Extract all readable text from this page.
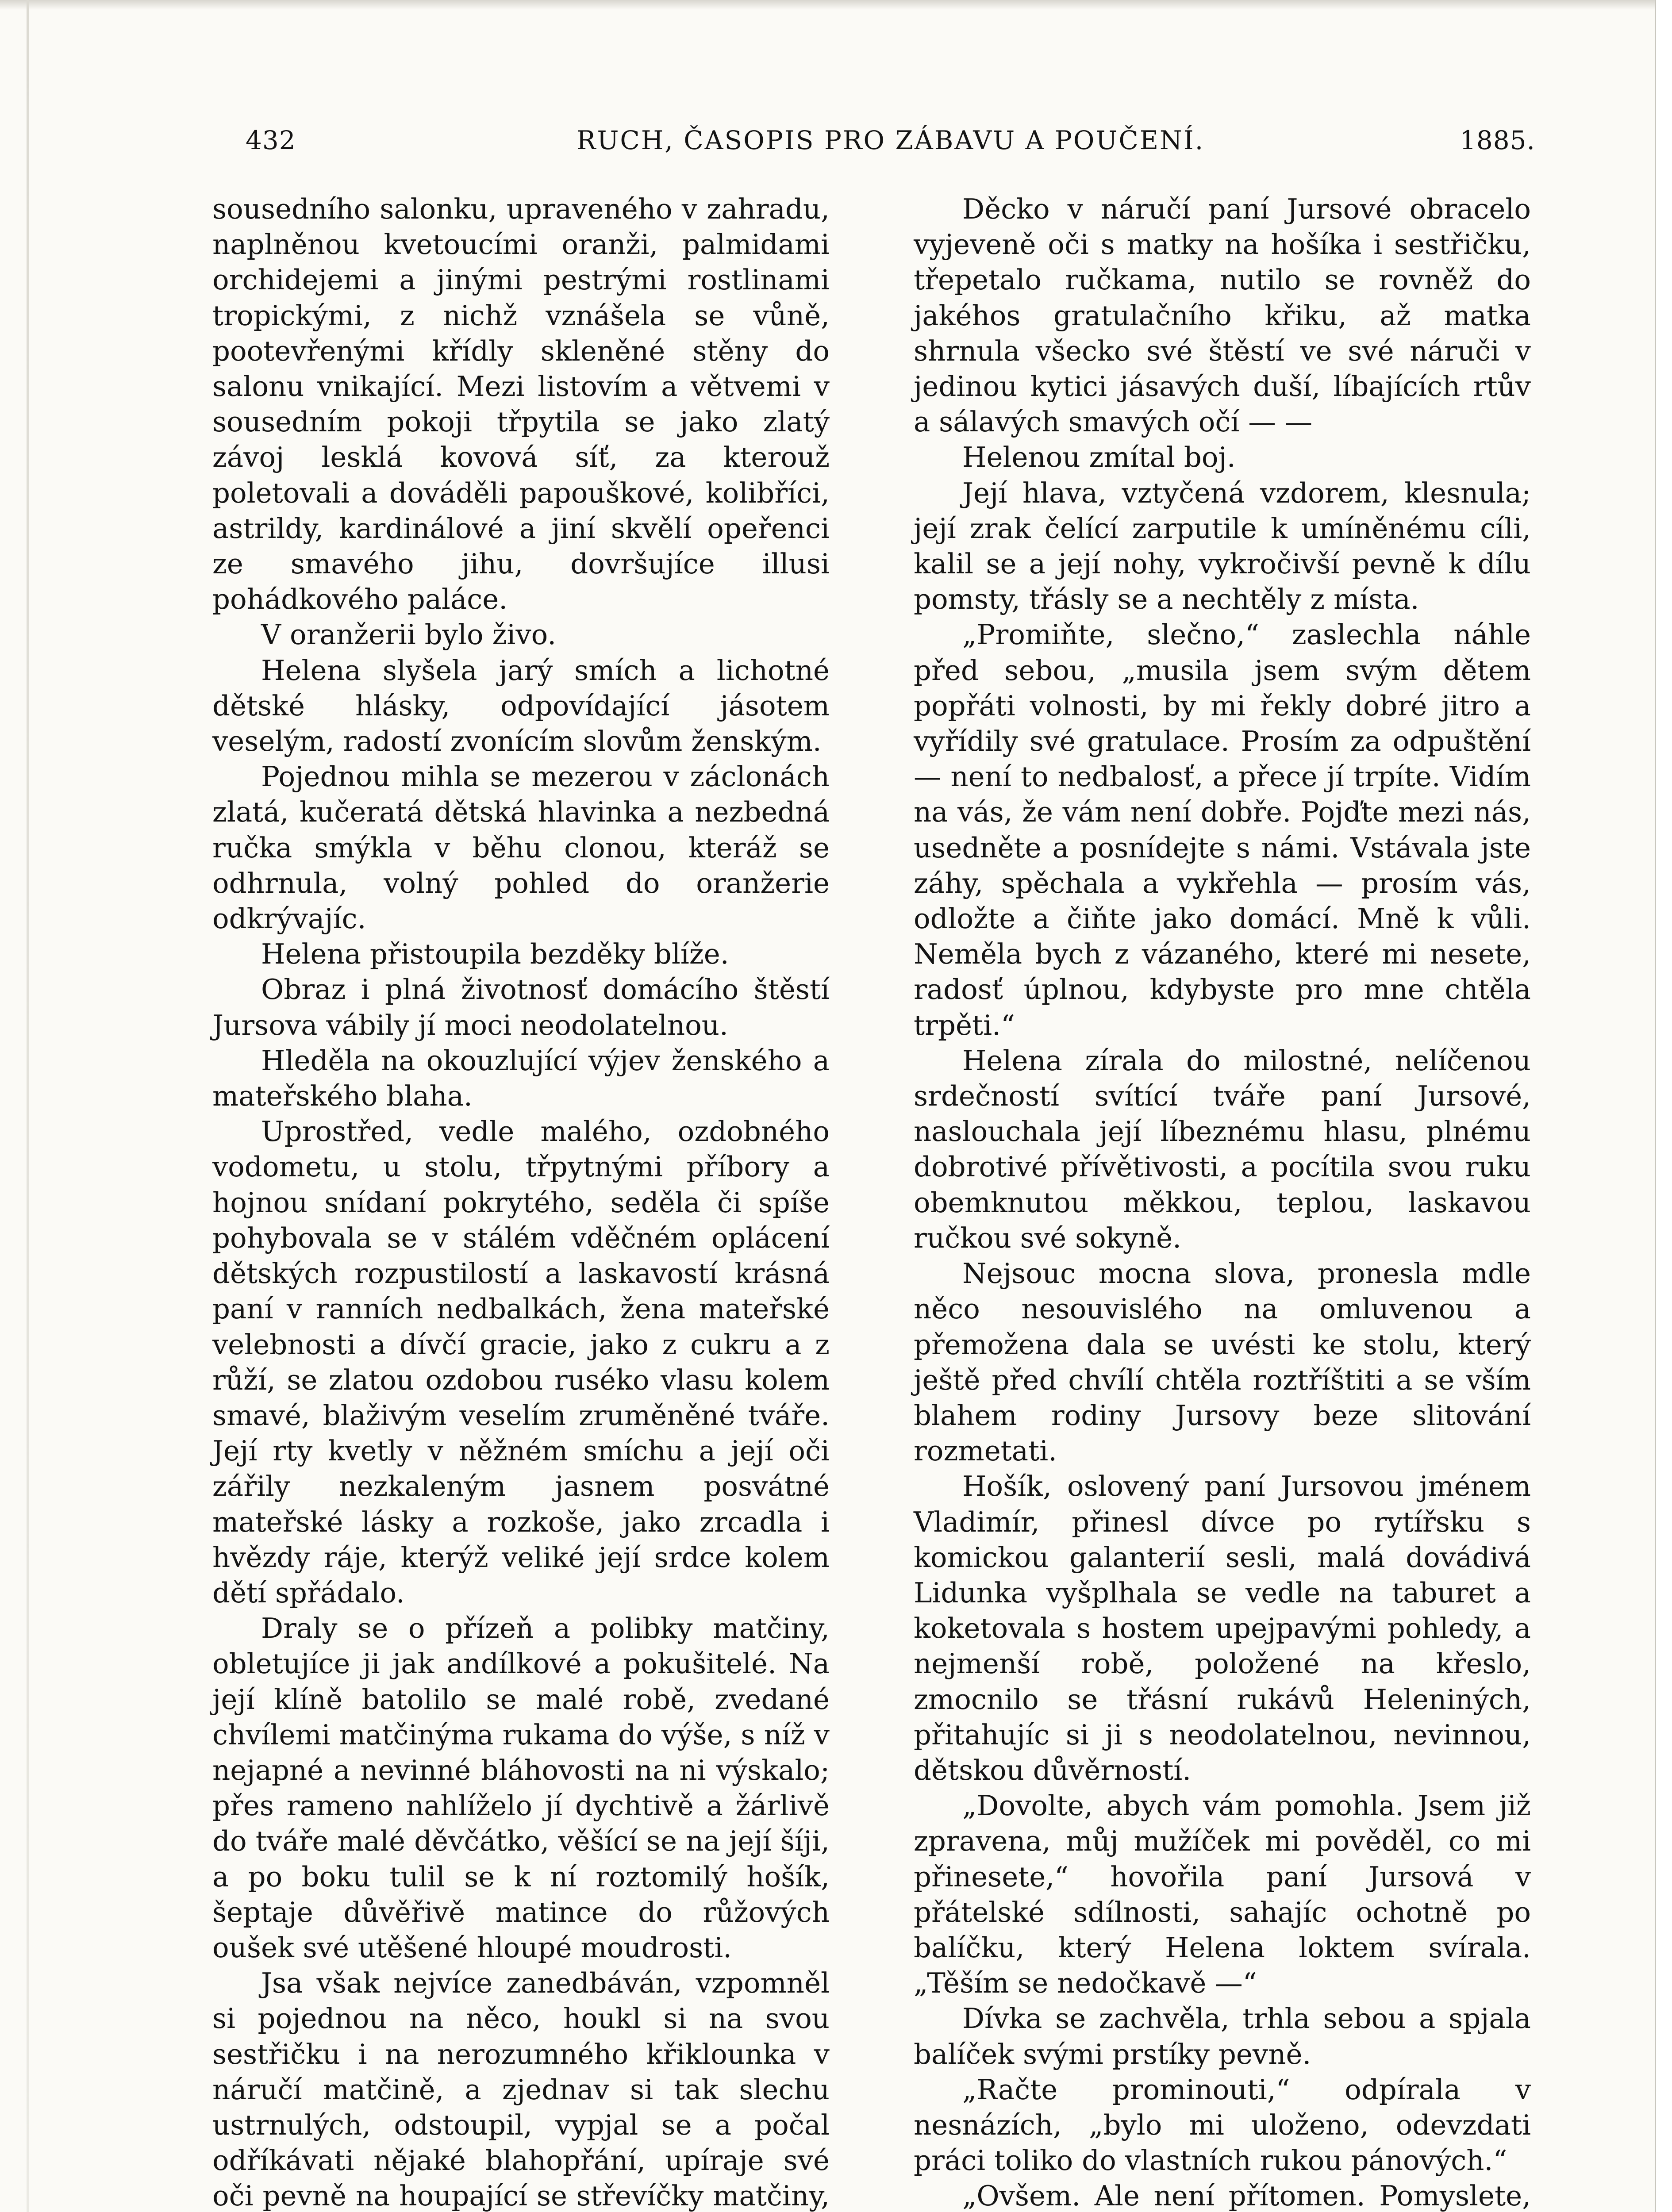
432	RUCH, ČASOPIS PRO ZÁBAVU A POUČENÍ.	1885.

sousedního salonku, upraveného v zahradu, naplněnou kvetoucími oranži, palmidami orchidejemi a jinými pestrými rostlinami tropickými, z nichž vznášela se vůně, pootevřenými křídly skleněné stěny do salonu vnikající. Mezi listovím a větvemi v sousedním pokoji třpytila se jako zlatý závoj lesklá kovová síť, za kterouž poletovali a dováděli papouškové, kolibříci, astrildy, kardinálové a jiní skvělí opeřenci ze smavého jihu, dovršujíce illusi pohádkového paláce.

V oranžerii bylo živo.

Helena slyšela jarý smích a lichotné dětské hlásky, odpovídající jásotem veselým, radostí zvonícím slovům ženským.

Pojednou mihla se mezerou v záclonách zlatá, kučeratá dětská hlavinka a nezbedná ručka smýkla v běhu clonou, kteráž se odhrnula, volný pohled do oranžerie odkrývajíc.

Helena přistoupila bezděky blíže.

Obraz i plná životnosť domácího štěstí Jursova vábily jí moci neodolatelnou.

Hleděla na okouzlující výjev ženského a mateřského blaha.

Uprostřed, vedle malého, ozdobného vodometu, u stolu, třpytnými příbory a hojnou snídaní pokrytého, seděla či spíše pohybovala se v stálém vděčném oplácení dětských rozpustilostí a laskavostí krásná paní v ranních nedbalkách, žena mateřské velebnosti a dívčí gracie, jako z cukru a z růží, se zlatou ozdobou ruséko vlasu kolem smavé, blaživým veselím zruměněné tváře. Její rty kvetly v něžném smíchu a její oči zářily nezkaleným jasnem posvátné mateřské lásky a rozkoše, jako zrcadla i hvězdy ráje, kterýž veliké její srdce kolem dětí spřádalo.

Draly se o přízeň a polibky matčiny, obletujíce ji jak andílkové a pokušitelé. Na její klíně batolilo se malé robě, zvedané chvílemi matčinýma rukama do výše, s níž v nejapné a nevinné bláhovosti na ni výskalo; přes rameno nahlíželo jí dychtivě a žárlivě do tváře malé děvčátko, věšící se na její šíji, a po boku tulil se k ní roztomilý hošík, šeptaje důvěřivě matince do růžových oušek své utěšené hloupé moudrosti.

Jsa však nejvíce zanedbáván, vzpomněl si pojednou na něco, houkl si na svou sestřičku i na nerozumného křiklounka v náručí matčině, a zjednav si tak slechu ustrnulých, odstoupil, vypjal se a počal odříkávati nějaké blahopřání, upíraje své oči pevně na houpající se střevíčky matčiny,

Děcko v náručí paní Jursové obracelo vyjeveně oči s matky na hošíka i sestřičku, třepetalo ručkama, nutilo se rovněž do jakéhos gratulačního křiku, až matka shrnula všecko své štěstí ve své náruči v jedinou kytici jásavých duší, líbajících rtův a sálavých smavých očí — —

Helenou zmítal boj.

Její hlava, vztyčená vzdorem, klesnula; její zrak čelící zarputile k umíněnému cíli, kalil se a její nohy, vykročivší pevně k dílu pomsty, třásly se a nechtěly z místa.

„Promiňte, slečno,“ zaslechla náhle před sebou, „musila jsem svým dětem popřáti volnosti, by mi řekly dobré jitro a vyřídily své gratulace. Prosím za odpuštění — není to nedbalosť, a přece jí trpíte. Vidím na vás, že vám není dobře. Pojďte mezi nás, usedněte a posnídejte s námi. Vstávala jste záhy, spěchala a vykřehla — prosím vás, odložte a čiňte jako domácí. Mně k vůli. Neměla bych z vázaného, které mi nesete, radosť úplnou, kdybyste pro mne chtěla trpěti.“

Helena zírala do milostné, nelíčenou srdečností svítící tváře paní Jursové, naslouchala její líbeznému hlasu, plnému dobrotivé přívětivosti, a pocítila svou ruku obemknutou měkkou, teplou, laskavou ručkou své sokyně.

Nejsouc mocna slova, pronesla mdle něco nesouvislého na omluvenou a přemožena dala se uvésti ke stolu, který ještě před chvílí chtěla roztříštiti a se vším blahem rodiny Jursovy beze slitování rozmetati.

Hošík, oslovený paní Jursovou jménem Vladimír, přinesl dívce po rytířsku s komickou galanterií sesli, malá dovádivá Lidunka vyšplhala se vedle na taburet a koketovala s hostem upejpavými pohledy, a nejmenší robě, položené na křeslo, zmocnilo se třásní rukávů Heleniných, přitahujíc si ji s neodolatelnou, nevinnou, dětskou důvěrností.

„Dovolte, abych vám pomohla. Jsem již zpravena, můj mužíček mi pověděl, co mi přinesete,“ hovořila paní Jursová v přátelské sdílnosti, sahajíc ochotně po balíčku, který Helena loktem svírala. „Těším se nedočkavě —“

Dívka se zachvěla, trhla sebou a spjala balíček svými prstíky pevně.

„Račte prominouti,“ odpírala v nesnázích, „bylo mi uloženo, odevzdati práci toliko do vlastních rukou pánových.“

„Ovšem. Ale není přítomen. Pomyslete,
